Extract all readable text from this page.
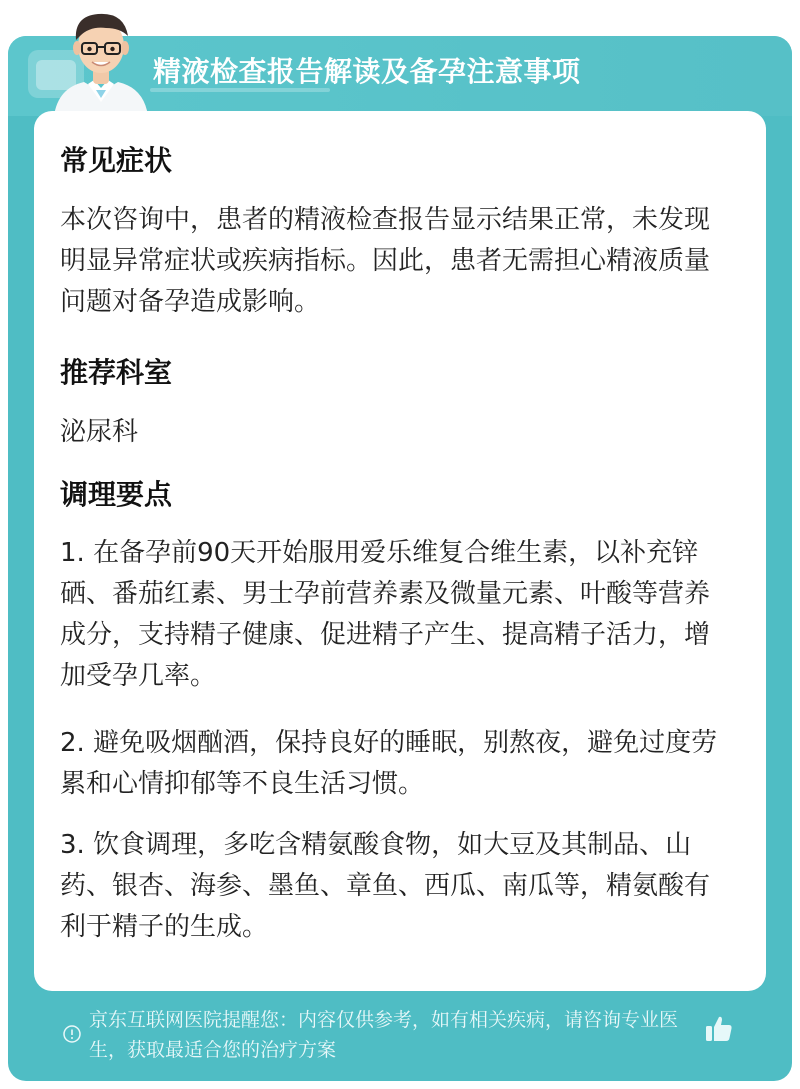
精液检查报告解读及备孕注意事项
常见症状
本次咨询中，患者的精液检查报告显示结果正常，未发现明显异常症状或疾病指标。因此，患者无需担心精液质量问题对备孕造成影响。
推荐科室
泌尿科
调理要点
1. 在备孕前90天开始服用爱乐维复合维生素，以补充锌硒、番茄红素、男士孕前营养素及微量元素、叶酸等营养成分，支持精子健康、促进精子产生、提高精子活力，增加受孕几率。
2. 避免吸烟酗酒，保持良好的睡眠，别熬夜，避免过度劳累和心情抑郁等不良生活习惯。
3. 饮食调理，多吃含精氨酸食物，如大豆及其制品、山药、银杏、海参、墨鱼、章鱼、西瓜、南瓜等，精氨酸有利于精子的生成。
京东互联网医院提醒您：内容仅供参考，如有相关疾病，请咨询专业医生，获取最适合您的治疗方案
